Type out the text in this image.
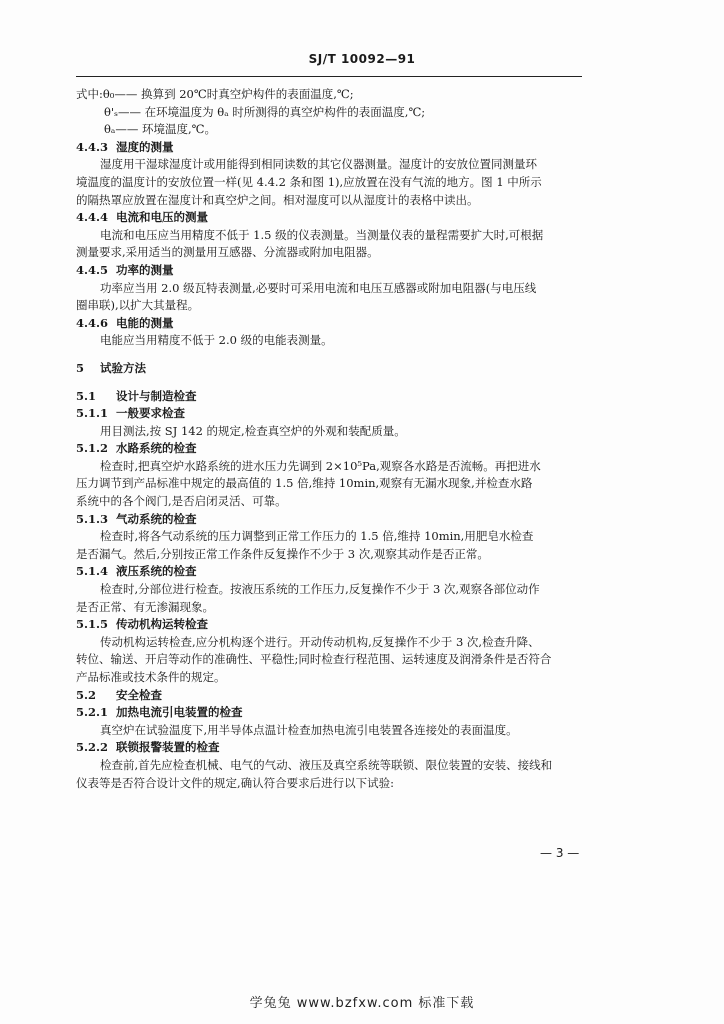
SJ/T 10092—91
式中:θ₀—— 换算到 20℃时真空炉构件的表面温度,℃;
θ'ₛ—— 在环境温度为 θₐ 时所测得的真空炉构件的表面温度,℃;
θₐ—— 环境温度,℃。
4.4.3 湿度的测量
湿度用干湿球湿度计或用能得到相同读数的其它仪器测量。湿度计的安放位置同测量环
境温度的温度计的安放位置一样(见 4.4.2 条和图 1),应放置在没有气流的地方。图 1 中所示
的隔热罩应放置在湿度计和真空炉之间。相对湿度可以从湿度计的表格中读出。
4.4.4 电流和电压的测量
电流和电压应当用精度不低于 1.5 级的仪表测量。当测量仪表的量程需要扩大时,可根据
测量要求,采用适当的测量用互感器、分流器或附加电阻器。
4.4.5 功率的测量
功率应当用 2.0 级瓦特表测量,必要时可采用电流和电压互感器或附加电阻器(与电压线
圈串联),以扩大其量程。
4.4.6 电能的测量
电能应当用精度不低于 2.0 级的电能表测量。
5 试验方法
5.1 设计与制造检查
5.1.1 一般要求检查
用目测法,按 SJ 142 的规定,检查真空炉的外观和装配质量。
5.1.2 水路系统的检查
检查时,把真空炉水路系统的进水压力先调到 2×10⁵Pa,观察各水路是否流畅。再把进水
压力调节到产品标准中规定的最高值的 1.5 倍,维持 10min,观察有无漏水现象,并检查水路
系统中的各个阀门,是否启闭灵活、可靠。
5.1.3 气动系统的检查
检查时,将各气动系统的压力调整到正常工作压力的 1.5 倍,维持 10min,用肥皂水检查
是否漏气。然后,分别按正常工作条件反复操作不少于 3 次,观察其动作是否正常。
5.1.4 液压系统的检查
检查时,分部位进行检查。按液压系统的工作压力,反复操作不少于 3 次,观察各部位动作
是否正常、有无渗漏现象。
5.1.5 传动机构运转检查
传动机构运转检查,应分机构逐个进行。开动传动机构,反复操作不少于 3 次,检查升降、
转位、输送、开启等动作的准确性、平稳性;同时检查行程范围、运转速度及润滑条件是否符合
产品标准或技术条件的规定。
5.2 安全检查
5.2.1 加热电流引电装置的检查
真空炉在试验温度下,用半导体点温计检查加热电流引电装置各连接处的表面温度。
5.2.2 联锁报警装置的检查
检查前,首先应检查机械、电气的气动、液压及真空系统等联锁、限位装置的安装、接线和
仪表等是否符合设计文件的规定,确认符合要求后进行以下试验:
— 3 —
学兔兔 www.bzfxw.com 标准下载
